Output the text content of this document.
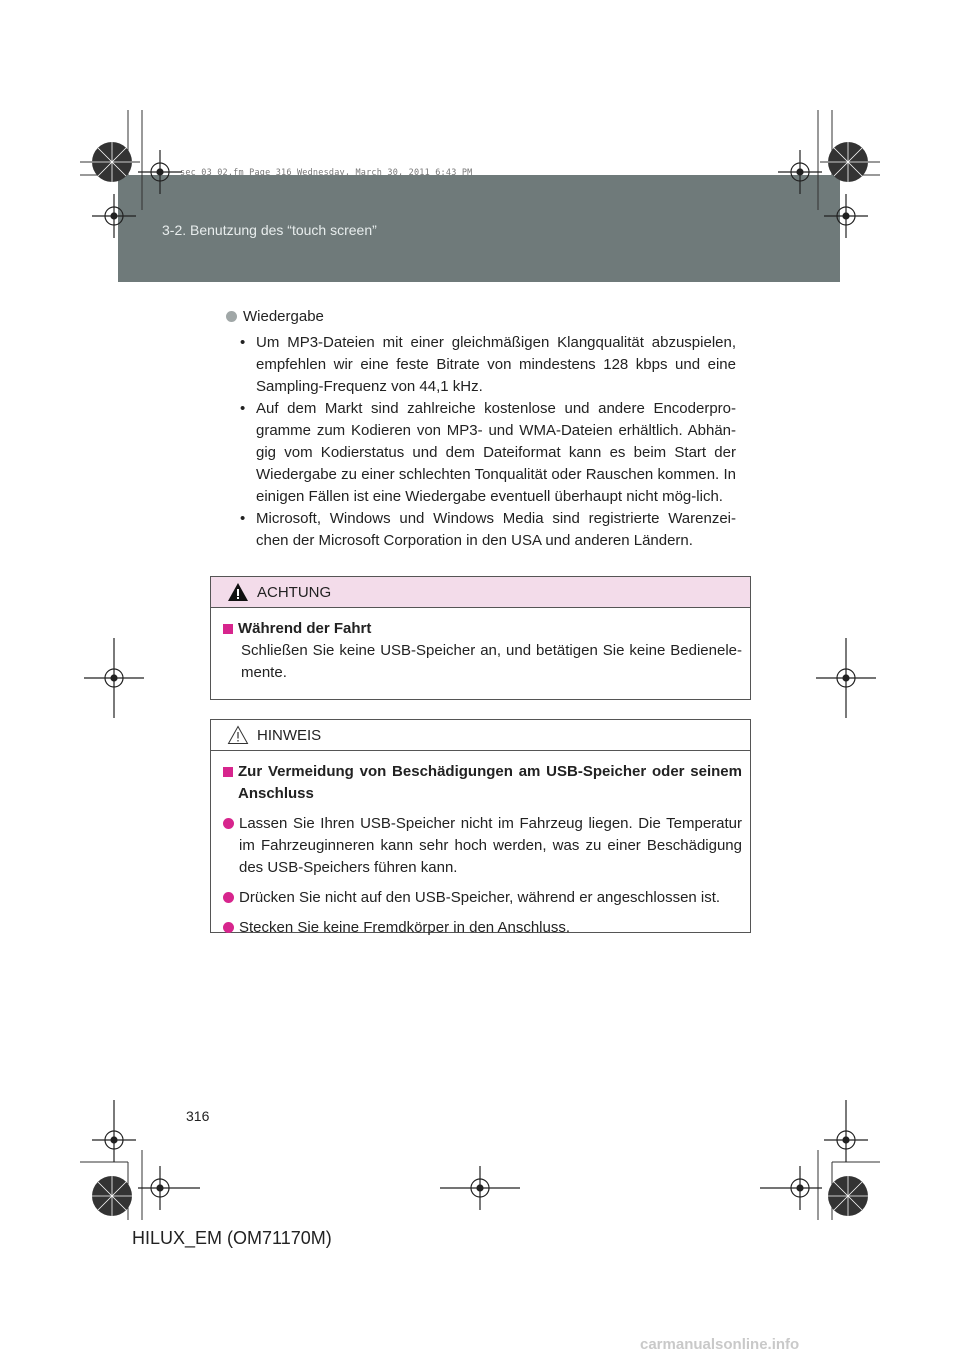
sec_03_02.fm Page 316 Wednesday, March 30, 2011 6:43 PM
3-2. Benutzung des “touch screen”
Wiedergabe
• Um MP3-Dateien mit einer gleichmäßigen Klangqualität abzuspielen, empfehlen wir eine feste Bitrate von mindestens 128 kbps und eine Sampling-Frequenz von 44,1 kHz.
• Auf dem Markt sind zahlreiche kostenlose und andere Encoderpro-gramme zum Kodieren von MP3- und WMA-Dateien erhältlich. Abhän-gig vom Kodierstatus und dem Dateiformat kann es beim Start der Wiedergabe zu einer schlechten Tonqualität oder Rauschen kommen. In einigen Fällen ist eine Wiedergabe eventuell überhaupt nicht mög-lich.
• Microsoft, Windows und Windows Media sind registrierte Warenzei-chen der Microsoft Corporation in den USA und anderen Ländern.
ACHTUNG
Während der Fahrt
Schließen Sie keine USB-Speicher an, und betätigen Sie keine Bedienele-mente.
HINWEIS
Zur Vermeidung von Beschädigungen am USB-Speicher oder seinem Anschluss
Lassen Sie Ihren USB-Speicher nicht im Fahrzeug liegen. Die Temperatur im Fahrzeuginneren kann sehr hoch werden, was zu einer Beschädigung des USB-Speichers führen kann.
Drücken Sie nicht auf den USB-Speicher, während er angeschlossen ist.
Stecken Sie keine Fremdkörper in den Anschluss.
316
HILUX_EM (OM71170M)
carmanualsonline.info
